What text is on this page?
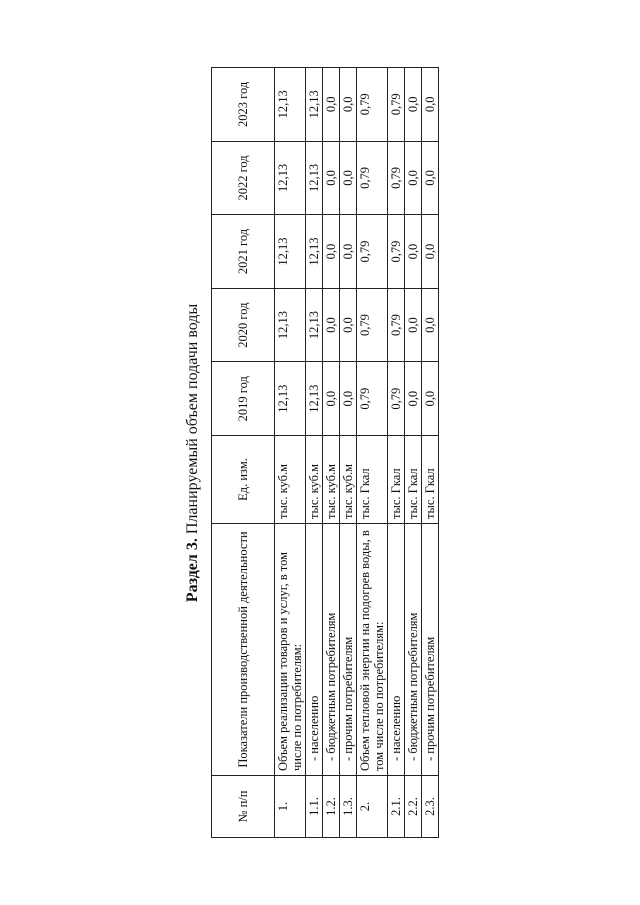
Раздел 3. Планируемый объем подачи воды
№ п/п	Показатели производственной деятельности	Ед. изм.	2019 год	2020 год	2021 год	2022 год	2023 год
1.	Объем реализации товаров и услуг, в том числе по потребителям:	тыс. куб.м	12,13	12,13	12,13	12,13	12,13
1.1.	- населению	тыс. куб.м	12,13	12,13	12,13	12,13	12,13
1.2.	- бюджетным потребителям	тыс. куб.м	0,0	0,0	0,0	0,0	0,0
1.3.	- прочим потребителям	тыс. куб.м	0,0	0,0	0,0	0,0	0,0
2.	Объем тепловой энергии на подогрев воды, в том числе по потребителям:	тыс. Гкал	0,79	0,79	0,79	0,79	0,79
2.1.	- населению	тыс. Гкал	0,79	0,79	0,79	0,79	0,79
2.2.	- бюджетным потребителям	тыс. Гкал	0,0	0,0	0,0	0,0	0,0
2.3.	- прочим потребителям	тыс. Гкал	0,0	0,0	0,0	0,0	0,0
